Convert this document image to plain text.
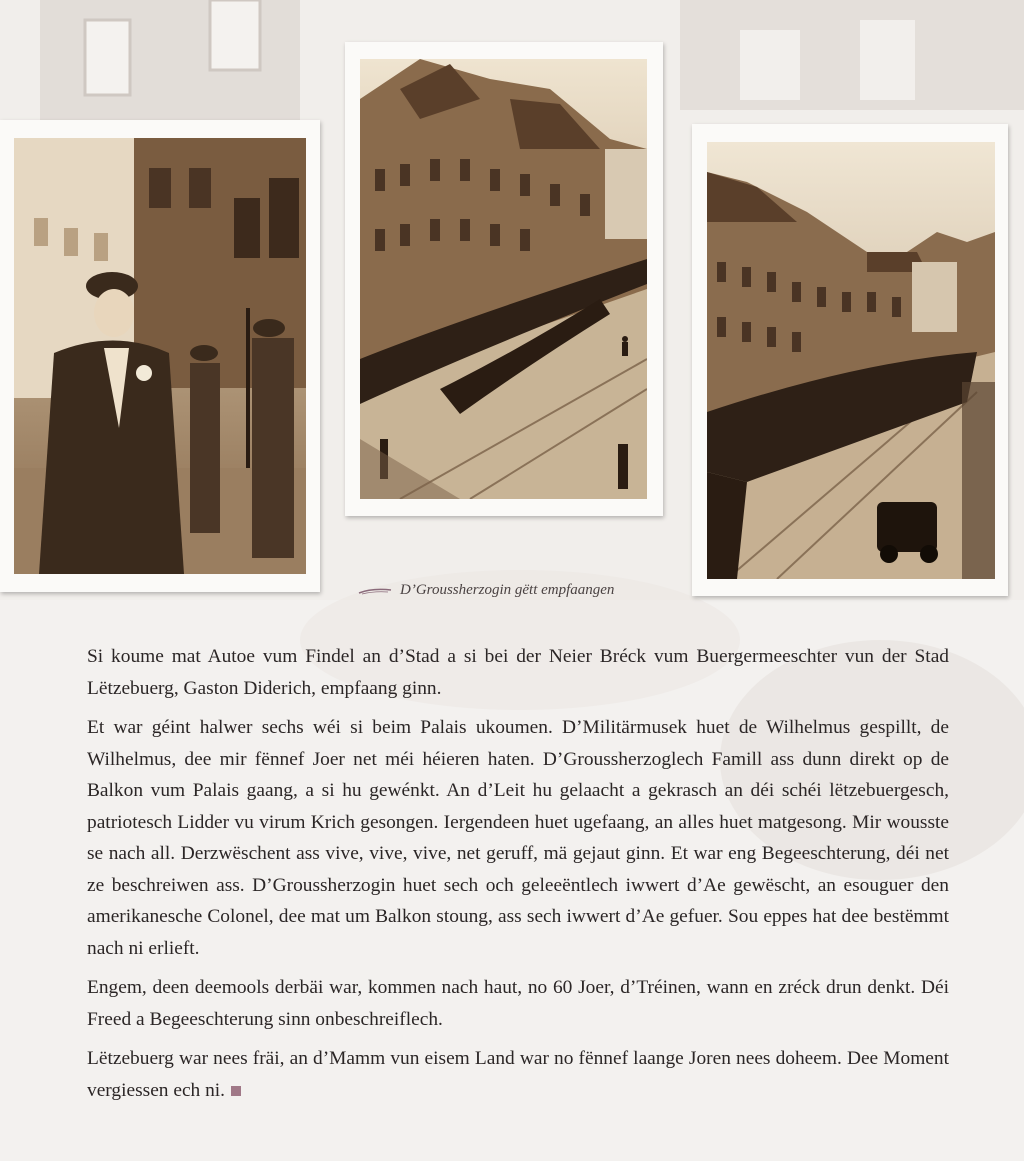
D’Groussherzogin gëtt empfaangen

Si koume mat Autoe vum Findel an d’Stad a si bei der Neier Bréck vum Buergermeeschter vun der Stad Lëtzebuerg, Gaston Diderich, empfaang ginn.

Et war géint halwer sechs wéi si beim Palais ukoumen. D’Militärmusek huet de Wilhelmus gespillt, de Wilhelmus, dee mir fënnef Joer net méi héieren haten. D’Groussherzoglech Famill ass dunn direkt op de Balkon vum Palais gaang, a si hu gewénkt. An d’Leit hu gelaacht a gekrasch an déi schéi lëtzebuergesch, patriotesch Lidder vu virum Krich gesongen. Iergendeen huet ugefaang, an alles huet matgesong. Mir wousste se nach all. Derzwëschent ass vive, vive, vive, net geruff, mä gejaut ginn. Et war eng Begeeschterung, déi net ze beschreiwen ass. D’Groussherzogin huet sech och geleeëntlech iwwert d’Ae gewëscht, an esouguer den amerikanesche Colonel, dee mat um Balkon stoung, ass sech iwwert d’Ae gefuer. Sou eppes hat dee bestëmmt nach ni erlieft.

Engem, deen deemools derbäi war, kommen nach haut, no 60 Joer, d’Tréinen, wann en zréck drun denkt. Déi Freed a Begeeschterung sinn onbeschreiflech.

Lëtzebuerg war nees fräi, an d’Mamm vun eisem Land war no fënnef laange Joren nees doheem. Dee Moment vergiessen ech ni.
